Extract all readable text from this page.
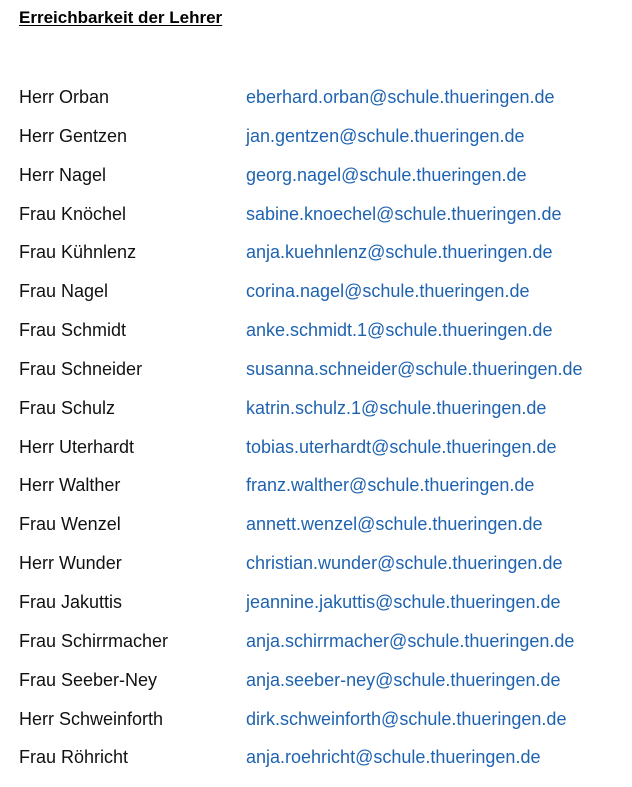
Erreichbarkeit der Lehrer
Herr Orban	eberhard.orban@schule.thueringen.de
Herr Gentzen	jan.gentzen@schule.thueringen.de
Herr Nagel	georg.nagel@schule.thueringen.de
Frau Knöchel	sabine.knoechel@schule.thueringen.de
Frau Kühnlenz	anja.kuehnlenz@schule.thueringen.de
Frau Nagel	corina.nagel@schule.thueringen.de
Frau Schmidt	anke.schmidt.1@schule.thueringen.de
Frau Schneider	susanna.schneider@schule.thueringen.de
Frau Schulz	katrin.schulz.1@schule.thueringen.de
Herr Uterhardt	tobias.uterhardt@schule.thueringen.de
Herr Walther	franz.walther@schule.thueringen.de
Frau Wenzel	annett.wenzel@schule.thueringen.de
Herr Wunder	christian.wunder@schule.thueringen.de
Frau Jakuttis	jeannine.jakuttis@schule.thueringen.de
Frau Schirrmacher	anja.schirrmacher@schule.thueringen.de
Frau Seeber-Ney	anja.seeber-ney@schule.thueringen.de
Herr Schweinforth	dirk.schweinforth@schule.thueringen.de
Frau Röhricht	anja.roehricht@schule.thueringen.de
